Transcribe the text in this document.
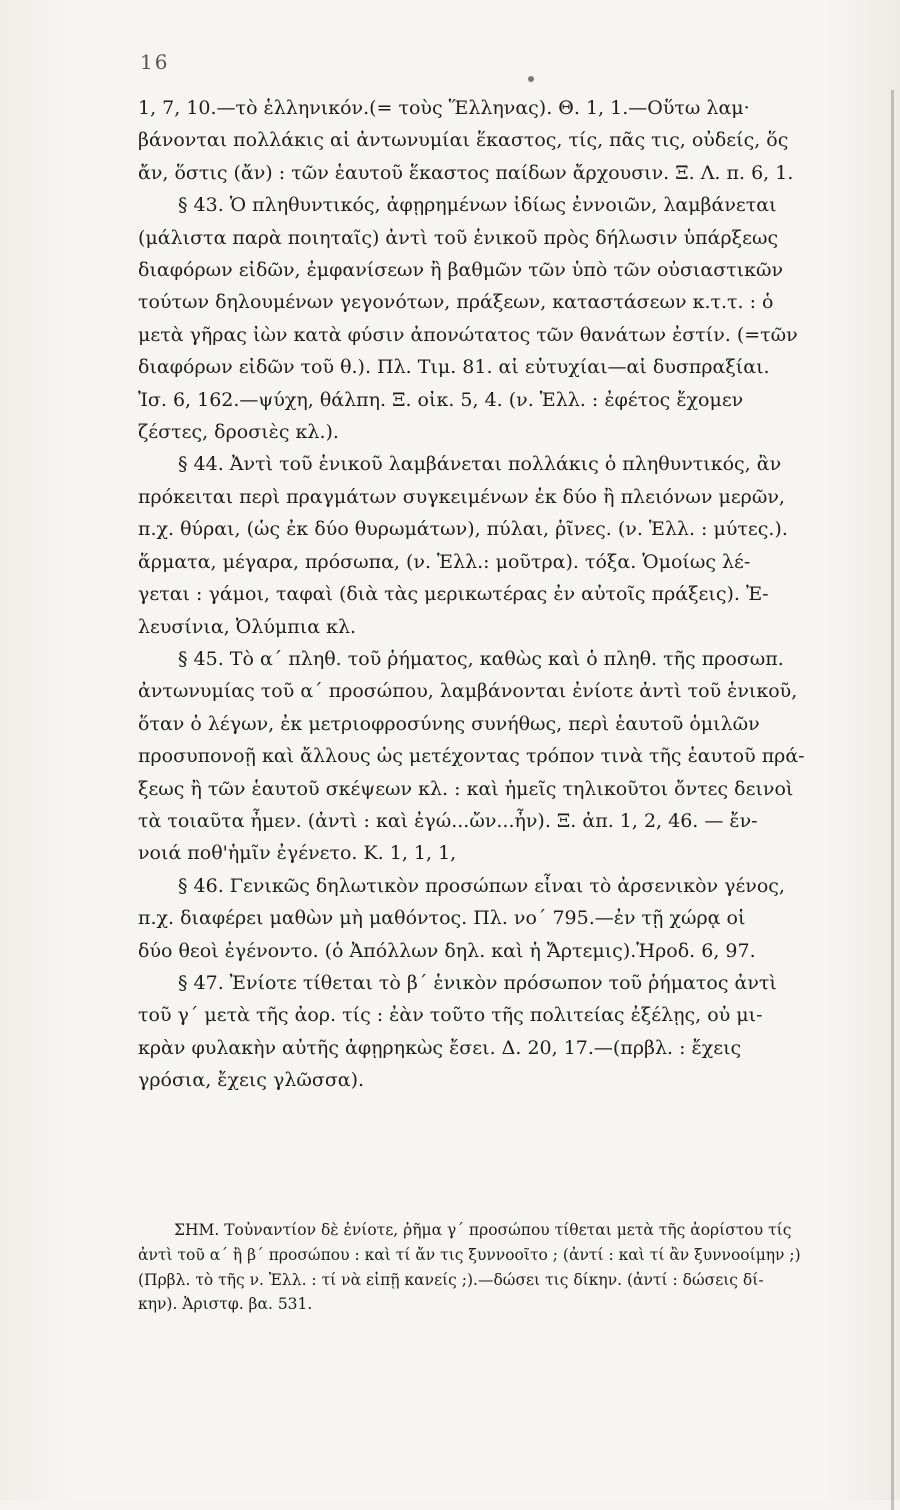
16

1, 7, 10.—τὸ ἑλληνικόν.(= τοὺς Ἕλληνας). Θ. 1, 1.—Οὕτω λαμ·

βάνονται πολλάκις αἱ ἀντωνυμίαι ἕκαστος, τίς, πᾶς τις, οὐδείς, ὅς

ἄν, ὅστις (ἄν) : τῶν ἑαυτοῦ ἕκαστος παίδων ἄρχουσιν. Ξ. Λ. π. 6, 1.

§ 43. Ὁ πληθυντικός, ἀφῃρημένων ἰδίως ἐννοιῶν, λαμβάνεται

(μάλιστα παρὰ ποιηταῖς) ἀντὶ τοῦ ἑνικοῦ πρὸς δήλωσιν ὑπάρξεως

διαφόρων εἰδῶν, ἐμφανίσεων ἢ βαθμῶν τῶν ὑπὸ τῶν οὐσιαστικῶν

τούτων δηλουμένων γεγονότων, πράξεων, καταστάσεων κ.τ.τ. : ὁ

μετὰ γῆρας ἰὼν κατὰ φύσιν ἀπονώτατος τῶν θανάτων ἐστίν. (=τῶν

διαφόρων εἰδῶν τοῦ θ.). Πλ. Τιμ. 81. αἱ εὐτυχίαι—αἱ δυσπραξίαι.

Ἰσ. 6, 162.—ψύχη, θάλπη. Ξ. οἰκ. 5, 4. (ν. Ἑλλ. : ἐφέτος ἔχομεν

ζέστες, δροσιὲς κλ.).

§ 44. Ἀντὶ τοῦ ἑνικοῦ λαμβάνεται πολλάκις ὁ πληθυντικός, ἂν

πρόκειται περὶ πραγμάτων συγκειμένων ἐκ δύο ἢ πλειόνων μερῶν,

π.χ. θύραι, (ὡς ἐκ δύο θυρωμάτων), πύλαι, ῥῖνες. (ν. Ἑλλ. : μύτες.).

ἅρματα, μέγαρα, πρόσωπα, (ν. Ἑλλ.: μοῦτρα). τόξα. Ὁμοίως λέ-

γεται : γάμοι, ταφαὶ (διὰ τὰς μερικωτέρας ἐν αὐτοῖς πράξεις). Ἐ-

λευσίνια, Ὀλύμπια κλ.

§ 45. Τὸ α΄ πληθ. τοῦ ῥήματος, καθὼς καὶ ὁ πληθ. τῆς προσωπ.

ἀντωνυμίας τοῦ α΄ προσώπου, λαμβάνονται ἐνίοτε ἀντὶ τοῦ ἑνικοῦ,

ὅταν ὁ λέγων, ἐκ μετριοφροσύνης συνήθως, περὶ ἑαυτοῦ ὁμιλῶν

προσυπονοῇ καὶ ἄλλους ὡς μετέχοντας τρόπον τινὰ τῆς ἑαυτοῦ πρά-

ξεως ἢ τῶν ἑαυτοῦ σκέψεων κλ. : καὶ ἡμεῖς τηλικοῦτοι ὄντες δεινοὶ

τὰ τοιαῦτα ἦμεν. (ἀντὶ : καὶ ἐγώ...ὤν...ἦν). Ξ. ἀπ. 1, 2, 46. — ἔν-

νοιά ποθ'ἡμῖν ἐγένετο. Κ. 1, 1, 1,

§ 46. Γενικῶς δηλωτικὸν προσώπων εἶναι τὸ ἀρσενικὸν γένος,

π.χ. διαφέρει μαθὼν μὴ μαθόντος. Πλ. νο΄ 795.—ἐν τῇ χώρᾳ οἱ

δύο θεοὶ ἐγένοντο. (ὁ Ἀπόλλων δηλ. καὶ ἡ Ἄρτεμις).Ἡροδ. 6, 97.

§ 47. Ἐνίοτε τίθεται τὸ β΄ ἑνικὸν πρόσωπον τοῦ ῥήματος ἀντὶ

τοῦ γ΄ μετὰ τῆς ἀορ. τίς : ἐὰν τοῦτο τῆς πολιτείας ἐξέλῃς, οὐ μι-

κρὰν φυλακὴν αὐτῆς ἀφῃρηκὼς ἔσει. Δ. 20, 17.—(πρβλ. : ἔχεις

γρόσια, ἔχεις γλῶσσα).

ΣΗΜ. Τοὐναντίον δὲ ἐνίοτε, ῥῆμα γ΄ προσώπου τίθεται μετὰ τῆς ἀορίστου τίς

ἀντὶ τοῦ α΄ ἢ β΄ προσώπου : καὶ τί ἄν τις ξυννοοῖτο ; (ἀντί : καὶ τί ἂν ξυννοοίμην ;)

(Πρβλ. τὸ τῆς ν. Ἑλλ. : τί νὰ εἰπῇ κανείς ;).—δώσει τις δίκην. (ἀντί : δώσεις δί-

κην). Ἀριστφ. βα. 531.
